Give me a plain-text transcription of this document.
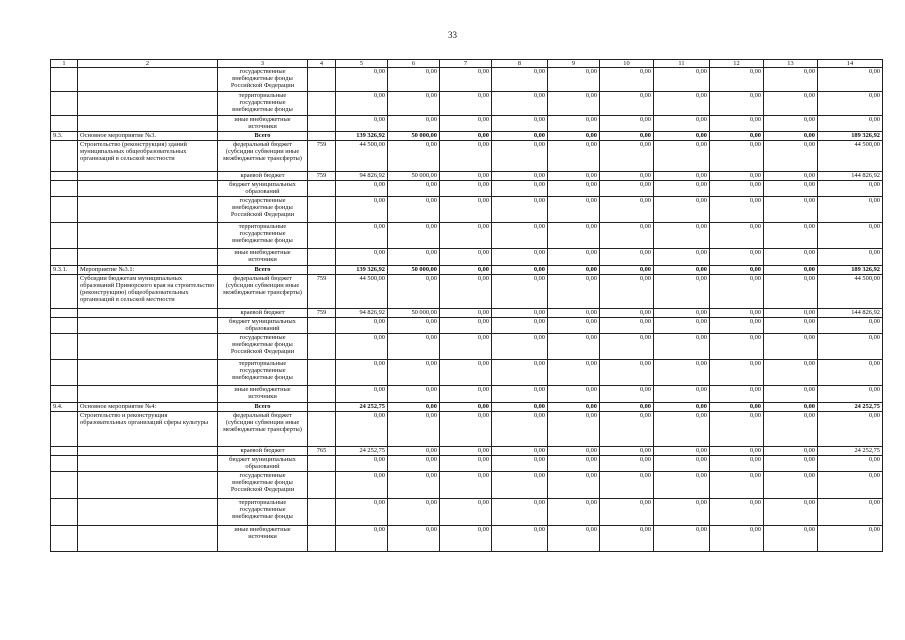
33
1	2	3	4	5	6	7	8	9	10	11	12	13	14
		государственные внебюджетные фонды Российской Федерации		0,00	0,00	0,00	0,00	0,00	0,00	0,00	0,00	0,00	0,00
		территориальные государственные внебюджетные фонды		0,00	0,00	0,00	0,00	0,00	0,00	0,00	0,00	0,00	0,00
		иные внебюджетные источники		0,00	0,00	0,00	0,00	0,00	0,00	0,00	0,00	0,00	0,00
9.3.	Основное мероприятие №3.	Всего		139 326,92	50 000,00	0,00	0,00	0,00	0,00	0,00	0,00	0,00	189 326,92
	Строительство (реконструкция) зданий муниципальных общеобразовательных организаций в сельской местности	федеральный бюджет (субсидии субвенции иные межбюджетные трансферты)	759	44 500,00	0,00	0,00	0,00	0,00	0,00	0,00	0,00	0,00	44 500,00
		краевой бюджет	759	94 826,92	50 000,00	0,00	0,00	0,00	0,00	0,00	0,00	0,00	144 826,92
		бюджет муниципальных образований		0,00	0,00	0,00	0,00	0,00	0,00	0,00	0,00	0,00	0,00
		государственные внебюджетные фонды Российской Федерации		0,00	0,00	0,00	0,00	0,00	0,00	0,00	0,00	0,00	0,00
		территориальные государственные внебюджетные фонды		0,00	0,00	0,00	0,00	0,00	0,00	0,00	0,00	0,00	0,00
		иные внебюджетные источники		0,00	0,00	0,00	0,00	0,00	0,00	0,00	0,00	0,00	0,00
9.3.1.	Мероприятие №3.1:	Всего		139 326,92	50 000,00	0,00	0,00	0,00	0,00	0,00	0,00	0,00	189 326,92
	Субсидии бюджетам муниципальных образований Приморского края на строительство (реконструкцию) общеобразовательных организаций в сельской местности	федеральный бюджет (субсидии субвенции иные межбюджетные трансферты)	759	44 500,00	0,00	0,00	0,00	0,00	0,00	0,00	0,00	0,00	44 500,00
		краевой бюджет	759	94 826,92	50 000,00	0,00	0,00	0,00	0,00	0,00	0,00	0,00	144 826,92
		бюджет муниципальных образований		0,00	0,00	0,00	0,00	0,00	0,00	0,00	0,00	0,00	0,00
		государственные внебюджетные фонды Российской Федерации		0,00	0,00	0,00	0,00	0,00	0,00	0,00	0,00	0,00	0,00
		территориальные государственные внебюджетные фонды		0,00	0,00	0,00	0,00	0,00	0,00	0,00	0,00	0,00	0,00
		иные внебюджетные источники		0,00	0,00	0,00	0,00	0,00	0,00	0,00	0,00	0,00	0,00
9.4.	Основное мероприятие №4:	Всего		24 252,75	0,00	0,00	0,00	0,00	0,00	0,00	0,00	0,00	24 252,75
	Строительство и реконструкция образовательных организаций сферы культуры	федеральный бюджет (субсидии субвенции иные межбюджетные трансферты)		0,00	0,00	0,00	0,00	0,00	0,00	0,00	0,00	0,00	0,00
		краевой бюджет	765	24 252,75	0,00	0,00	0,00	0,00	0,00	0,00	0,00	0,00	24 252,75
		бюджет муниципальных образований		0,00	0,00	0,00	0,00	0,00	0,00	0,00	0,00	0,00	0,00
		государственные внебюджетные фонды Российской Федерации		0,00	0,00	0,00	0,00	0,00	0,00	0,00	0,00	0,00	0,00
		территориальные государственные внебюджетные фонды		0,00	0,00	0,00	0,00	0,00	0,00	0,00	0,00	0,00	0,00
		иные внебюджетные источники		0,00	0,00	0,00	0,00	0,00	0,00	0,00	0,00	0,00	0,00
